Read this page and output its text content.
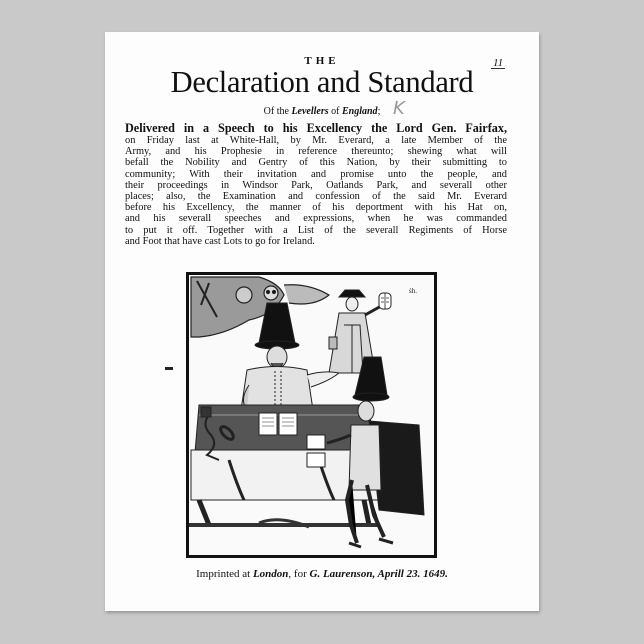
THE
Declaration and Standard
11
Of the Levellers of England; K
Delivered in a Speech to his Excellency the Lord Gen. Fairfax,
on Friday last at White-Hall, by Mr. Everard, a late Member of the
Army, and his Prophesie in reference thereunto; shewing what will
befall the Nobility and Gentry of this Nation, by their submitting to
community; With their invitation and promise unto the people, and
their proceedings in Windsor Park, Oatlands Park, and severall other
places; also, the Examination and confession of the said Mr. Everard
before his Excellency, the manner of his deportment with his Hat on,
and his severall speeches and expressions, when he was commanded
to put it off. Together with a List of the severall Regiments of Horse
and Foot that have cast Lots to go for Ireland.
ṡh.
Imprinted at London, for G. Laurenson, Aprill 23. 1649.
